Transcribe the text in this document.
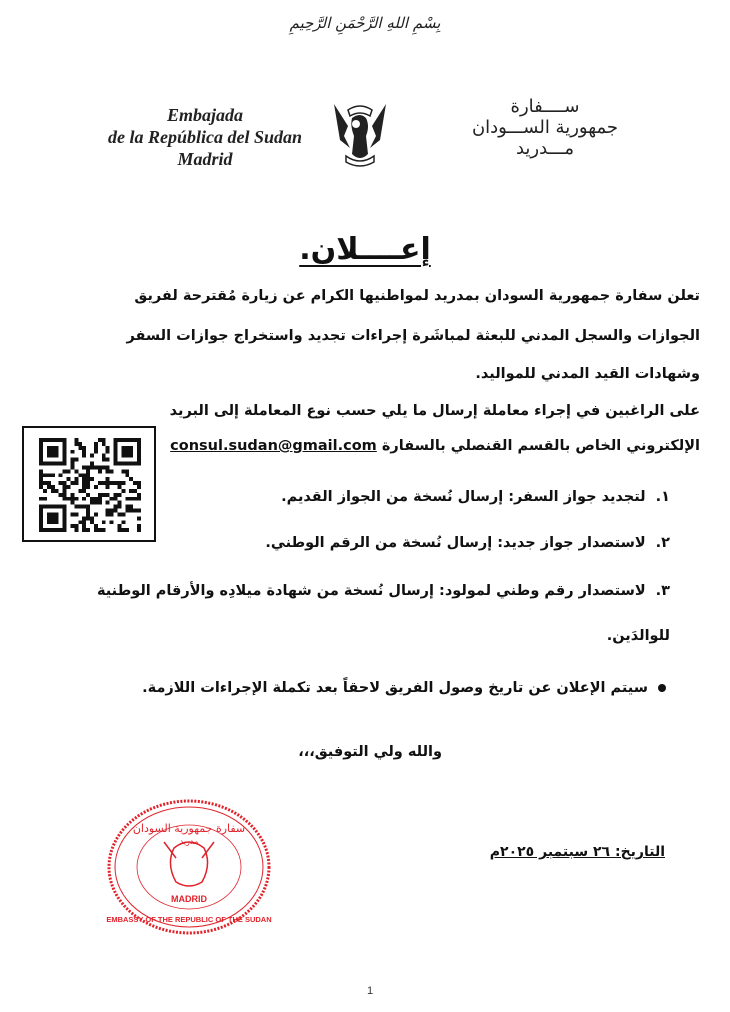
بِسْمِ اللهِ الرَّحْمَنِ الرَّحِيمِ
Embajada
de la República del Sudan
Madrid
ســــفارة
جمهورية الســـودان
مـــدريد
إعــــلان.
تعلن سفارة جمهورية السودان بمدريد لمواطنيها الكرام عن زيارة مُقترحة لفريق
الجوازات والسجل المدني للبعثة لمباشَرة إجراءات تجديد واستخراج جوازات السفر
وشهادات القيد المدني للمواليد.
على الراغبين في إجراء معاملة إرسال ما يلي حسب نوع المعاملة إلى البريد
الإلكتروني الخاص بالقسم القنصلي بالسفارة consul.sudan@gmail.com
١.لتجديد جواز السفر: إرسال نُسخة من الجواز القديم.
٢.لاستصدار جواز جديد: إرسال نُسخة من الرقم الوطني.
٣.لاستصدار رقم وطني لمولود: إرسال نُسخة من شهادة ميلادِه والأرقام الوطنية
للوالدَين.
سيتم الإعلان عن تاريخ وصول الفريق لاحقاً بعد تكملة الإجراءات اللازمة.
والله ولي التوفيق،،،
سفارة جمهورية السودان
مدريد
MADRID
EMBASSY OF THE REPUBLIC OF THE SUDAN
التاريخ: ٢٦ سبتمبر ٢٠٢٥م
1
